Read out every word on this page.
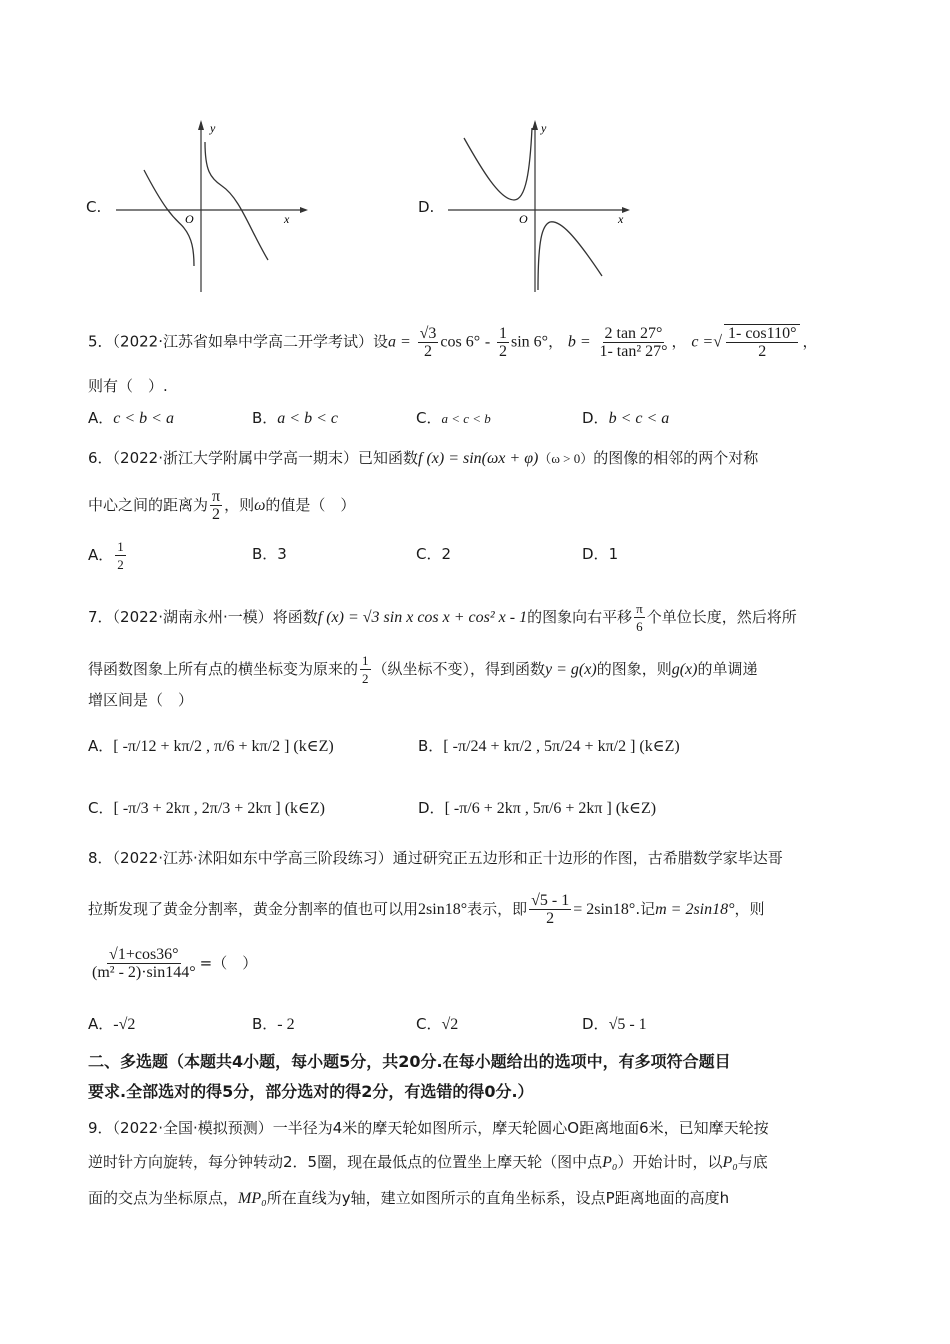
C.
y
O	x
D.
y
O	x
5．（2022·江苏省如皋中学高二开学考试）设$a = \frac{√3}{2}$ $\cos 6^\circ - \frac{1}{2}$ sin 6°， $b = \frac{2 \tan 27^\circ}{\text{1- tan² 27°}}$ ， c =√ $\frac{1- \cos 110^\circ}{2}$ ，
则有（　）.
A．c < b < a	B．a < b < c	C．a < c < b	D．b < c < a
6．（2022·浙江大学附属中学高一期末）已知函数f (x) = sin(ωx + φ)（ω > 0）的图像的相邻的两个对称
中心之间的距离为 $\frac{\pi}{2}$ ，则ω的值是（　）
A． $\frac{1}{2}$	B．3	C．2	D．1
7．（2022·湖南永州·一模）将函数f (x) = √3 sin x cos x + cos² x - 1的图象向右平移 $\frac{\pi}{6}$ 个单位长度，然后将所
得函数图象上所有点的横坐标变为原来的 $\frac{1}{2}$ （纵坐标不变），得到函数y = g(x)的图象，则g(x)的单调递
增区间是（　）
A．[ -π/12 + kπ/2 , π/6 + kπ/2 ] (k∈Z)	B．[ -π/24 + kπ/2 , 5π/24 + kπ/2 ] (k∈Z)
C．[ -π/3 + 2kπ , 2π/3 + 2kπ ] (k∈Z)	D．[ -π/6 + 2kπ , 5π/6 + 2kπ ] (k∈Z)
8．（2022·江苏·沭阳如东中学高三阶段练习）通过研究正五边形和正十边形的作图，古希腊数学家毕达哥
拉斯发现了黄金分割率，黄金分割率的值也可以用2sin18°表示，即 $\frac{√5 - 1}{2} = 2\sin 18^\circ$.记m = 2sin18°，则
$\frac{√1+\cos 36^\circ}{\text{(m² - 2)·sin144°}}$ =（　）
A．-√2	B．- 2	C．√2	D．√5 - 1
二、多选题（本题共4小题，每小题5分，共20分.在每小题给出的选项中，有多项符合题目
要求.全部选对的得5分，部分选对的得2分，有选错的得0分.）
9．（2022·全国·模拟预测）一半径为4米的摩天轮如图所示，摩天轮圆心O距离地面6米，已知摩天轮按
逆时针方向旋转，每分钟转动2．5圈，现在最低点的位置坐上摩天轮（图中点P₀）开始计时，以P₀与底
面的交点为坐标原点，MP₀所在直线为y轴，建立如图所示的直角坐标系，设点P距离地面的高度h
